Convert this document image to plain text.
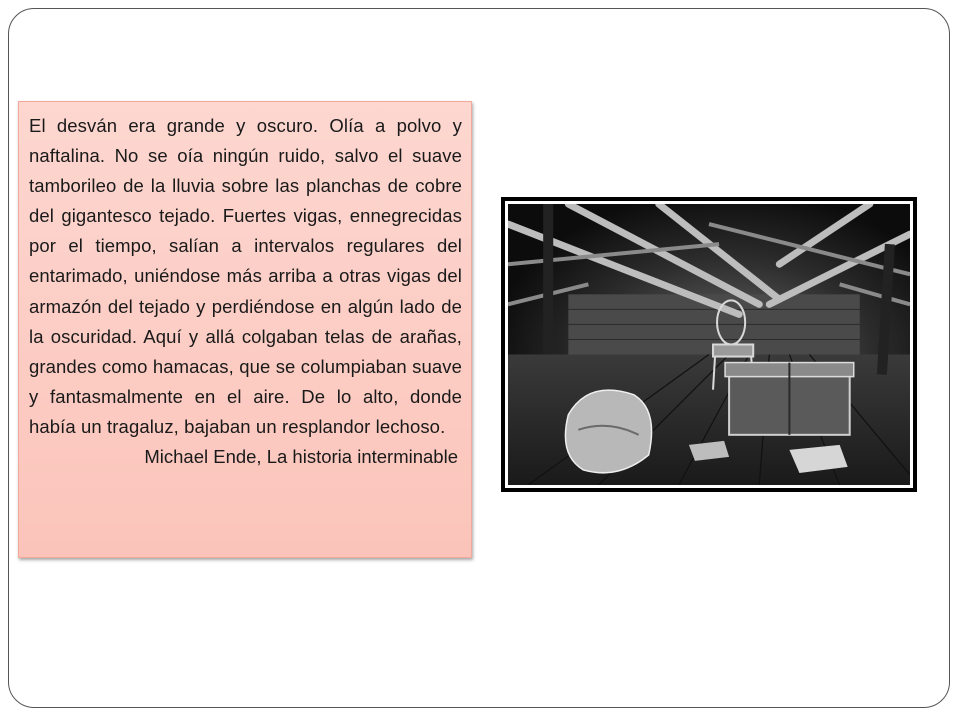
El desván era grande y oscuro. Olía a polvo y naftalina. No se oía ningún ruido, salvo el suave tamborileo de la lluvia sobre las planchas de cobre del gigantesco tejado. Fuertes vigas, ennegrecidas por el tiempo, salían a intervalos regulares del entarimado, uniéndose más arriba a otras vigas del armazón del tejado y perdiéndose en algún lado de la oscuridad. Aquí y allá colgaban telas de arañas, grandes como hamacas, que se columpiaban suave y fantasmalmente en el aire. De lo alto, donde había un tragaluz, bajaban un resplandor lechoso.

Michael Ende, La historia interminable
